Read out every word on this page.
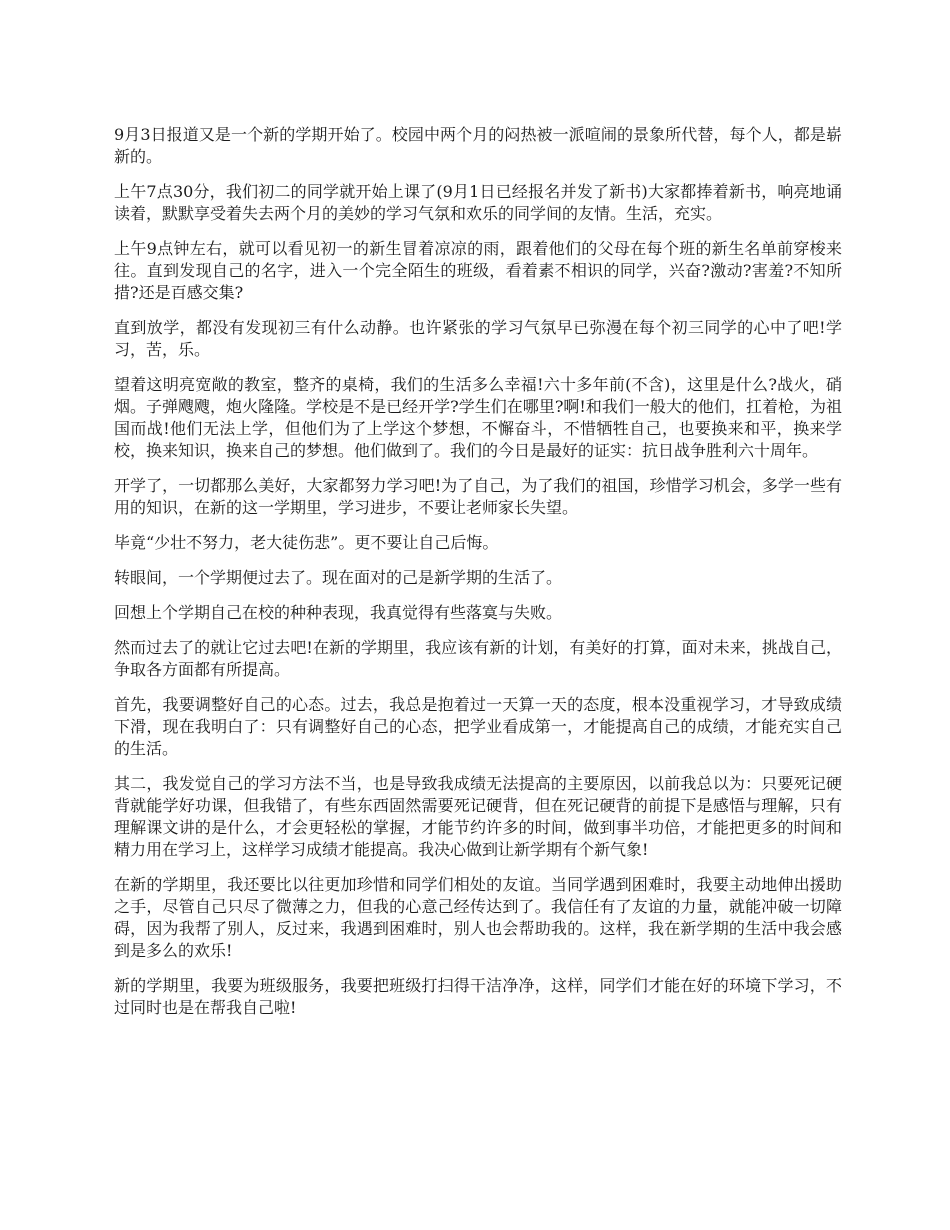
9月3日报道又是一个新的学期开始了。校园中两个月的闷热被一派喧闹的景象所代替，每个人，都是崭新的。

上午7点30分，我们初二的同学就开始上课了(9月1日已经报名并发了新书)大家都捧着新书，响亮地诵读着，默默享受着失去两个月的美妙的学习气氛和欢乐的同学间的友情。生活，充实。

上午9点钟左右，就可以看见初一的新生冒着凉凉的雨，跟着他们的父母在每个班的新生名单前穿梭来往。直到发现自己的名字，进入一个完全陌生的班级，看着素不相识的同学，兴奋?激动?害羞?不知所措?还是百感交集?

直到放学，都没有发现初三有什么动静。也许紧张的学习气氛早已弥漫在每个初三同学的心中了吧!学习，苦，乐。

望着这明亮宽敞的教室，整齐的桌椅，我们的生活多么幸福!六十多年前(不含)，这里是什么?战火，硝烟。子弹飕飕，炮火隆隆。学校是不是已经开学?学生们在哪里?啊!和我们一般大的他们，扛着枪，为祖国而战!他们无法上学，但他们为了上学这个梦想，不懈奋斗，不惜牺牲自己，也要换来和平，换来学校，换来知识，换来自己的梦想。他们做到了。我们的今日是最好的证实：抗日战争胜利六十周年。

开学了，一切都那么美好，大家都努力学习吧!为了自己，为了我们的祖国，珍惜学习机会，多学一些有用的知识，在新的这一学期里，学习进步，不要让老师家长失望。

毕竟“少壮不努力，老大徒伤悲”。更不要让自己后悔。

转眼间，一个学期便过去了。现在面对的己是新学期的生活了。

回想上个学期自己在校的种种表现，我真觉得有些落寞与失败。

然而过去了的就让它过去吧!在新的学期里，我应该有新的计划，有美好的打算，面对未来，挑战自己，争取各方面都有所提高。

首先，我要调整好自己的心态。过去，我总是抱着过一天算一天的态度，根本没重视学习，才导致成绩下滑，现在我明白了：只有调整好自己的心态，把学业看成第一，才能提高自己的成绩，才能充实自己的生活。

其二，我发觉自己的学习方法不当，也是导致我成绩无法提高的主要原因，以前我总以为：只要死记硬背就能学好功课，但我错了，有些东西固然需要死记硬背，但在死记硬背的前提下是感悟与理解，只有理解课文讲的是什么，才会更轻松的掌握，才能节约许多的时间，做到事半功倍，才能把更多的时间和精力用在学习上，这样学习成绩才能提高。我决心做到让新学期有个新气象!

在新的学期里，我还要比以往更加珍惜和同学们相处的友谊。当同学遇到困难时，我要主动地伸出援助之手，尽管自己只尽了微薄之力，但我的心意己经传达到了。我信任有了友谊的力量，就能冲破一切障碍，因为我帮了别人，反过来，我遇到困难时，别人也会帮助我的。这样，我在新学期的生活中我会感到是多么的欢乐!

新的学期里，我要为班级服务，我要把班级打扫得干洁净净，这样，同学们才能在好的环境下学习，不过同时也是在帮我自己啦!
